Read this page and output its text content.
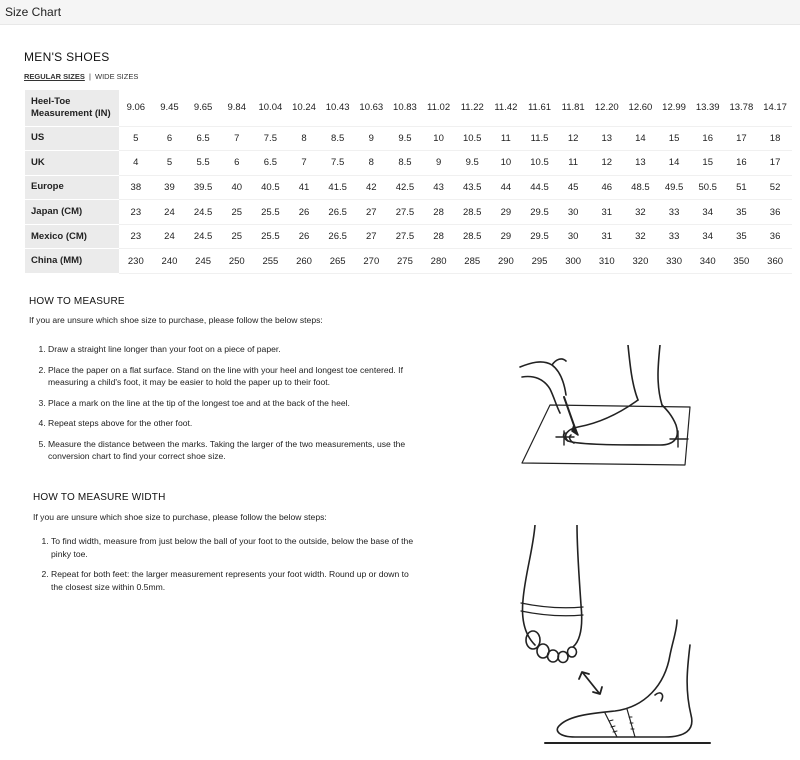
Size Chart
MEN'S SHOES
REGULAR SIZES | WIDE SIZES
Heel-Toe Measurement (IN)	9.06	9.45	9.65	9.84	10.04	10.24	10.43	10.63	10.83	11.02	11.22	11.42	11.61	11.81	12.20	12.60	12.99	13.39	13.78	14.17
US	5	6	6.5	7	7.5	8	8.5	9	9.5	10	10.5	11	11.5	12	13	14	15	16	17	18
UK	4	5	5.5	6	6.5	7	7.5	8	8.5	9	9.5	10	10.5	11	12	13	14	15	16	17
Europe	38	39	39.5	40	40.5	41	41.5	42	42.5	43	43.5	44	44.5	45	46	48.5	49.5	50.5	51	52
Japan (CM)	23	24	24.5	25	25.5	26	26.5	27	27.5	28	28.5	29	29.5	30	31	32	33	34	35	36
Mexico (CM)	23	24	24.5	25	25.5	26	26.5	27	27.5	28	28.5	29	29.5	30	31	32	33	34	35	36
China (MM)	230	240	245	250	255	260	265	270	275	280	285	290	295	300	310	320	330	340	350	360
HOW TO MEASURE
If you are unsure which shoe size to purchase, please follow the below steps:
1. Draw a straight line longer than your foot on a piece of paper.
2. Place the paper on a flat surface. Stand on the line with your heel and longest toe centered. If measuring a child's foot, it may be easier to hold the paper up to their foot.
3. Place a mark on the line at the tip of the longest toe and at the back of the heel.
4. Repeat steps above for the other foot.
5. Measure the distance between the marks. Taking the larger of the two measurements, use the conversion chart to find your correct shoe size.
HOW TO MEASURE WIDTH
If you are unsure which shoe size to purchase, please follow the below steps:
1. To find width, measure from just below the ball of your foot to the outside, below the base of the pinky toe.
2. Repeat for both feet: the larger measurement represents your foot width. Round up or down to the closest size within 0.5mm.
